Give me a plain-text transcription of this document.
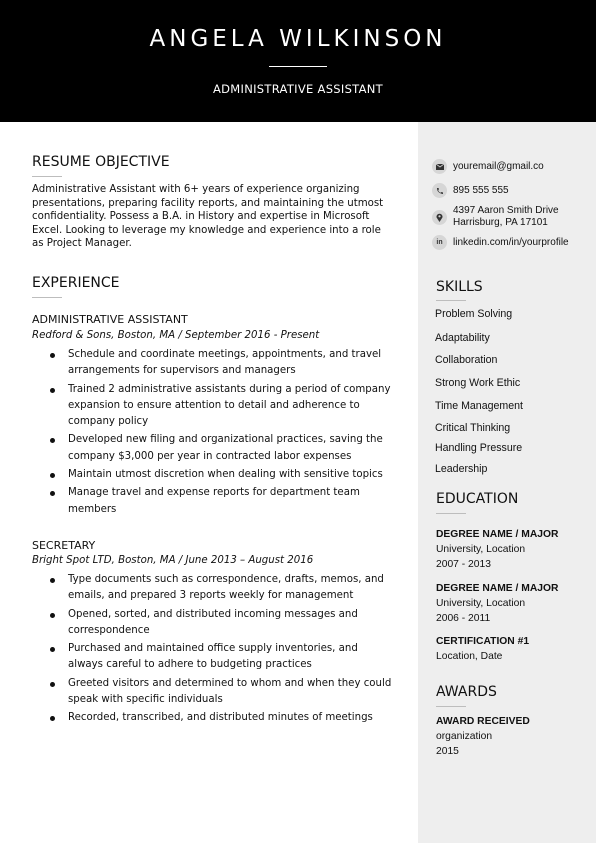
ANGELA WILKINSON
ADMINISTRATIVE ASSISTANT
RESUME OBJECTIVE
Administrative Assistant with 6+ years of experience organizing presentations, preparing facility reports, and maintaining the utmost confidentiality. Possess a B.A. in History and expertise in Microsoft Excel. Looking to leverage my knowledge and experience into a role as Project Manager.
EXPERIENCE
ADMINISTRATIVE ASSISTANT
Redford & Sons, Boston, MA / September 2016 - Present
Schedule and coordinate meetings, appointments, and travel arrangements for supervisors and managers
Trained 2 administrative assistants during a period of company expansion to ensure attention to detail and adherence to company policy
Developed new filing and organizational practices, saving the company $3,000 per year in contracted labor expenses
Maintain utmost discretion when dealing with sensitive topics
Manage travel and expense reports for department team members
SECRETARY
Bright Spot LTD, Boston, MA / June 2013 – August 2016
Type documents such as correspondence, drafts, memos, and emails, and prepared 3 reports weekly for management
Opened, sorted, and distributed incoming messages and correspondence
Purchased and maintained office supply inventories, and always careful to adhere to budgeting practices
Greeted visitors and determined to whom and when they could speak with specific individuals
Recorded, transcribed, and distributed minutes of meetings
youremail@gmail.co
895 555 555
4397 Aaron Smith Drive
Harrisburg, PA 17101
in linkedin.com/in/yourprofile
SKILLS
Problem Solving
Adaptability
Collaboration
Strong Work Ethic
Time Management
Critical Thinking
Handling Pressure
Leadership
EDUCATION
DEGREE NAME / MAJOR
University, Location
2007 - 2013
DEGREE NAME / MAJOR
University, Location
2006 - 2011
CERTIFICATION #1
Location, Date
AWARDS
AWARD RECEIVED
organization
2015
